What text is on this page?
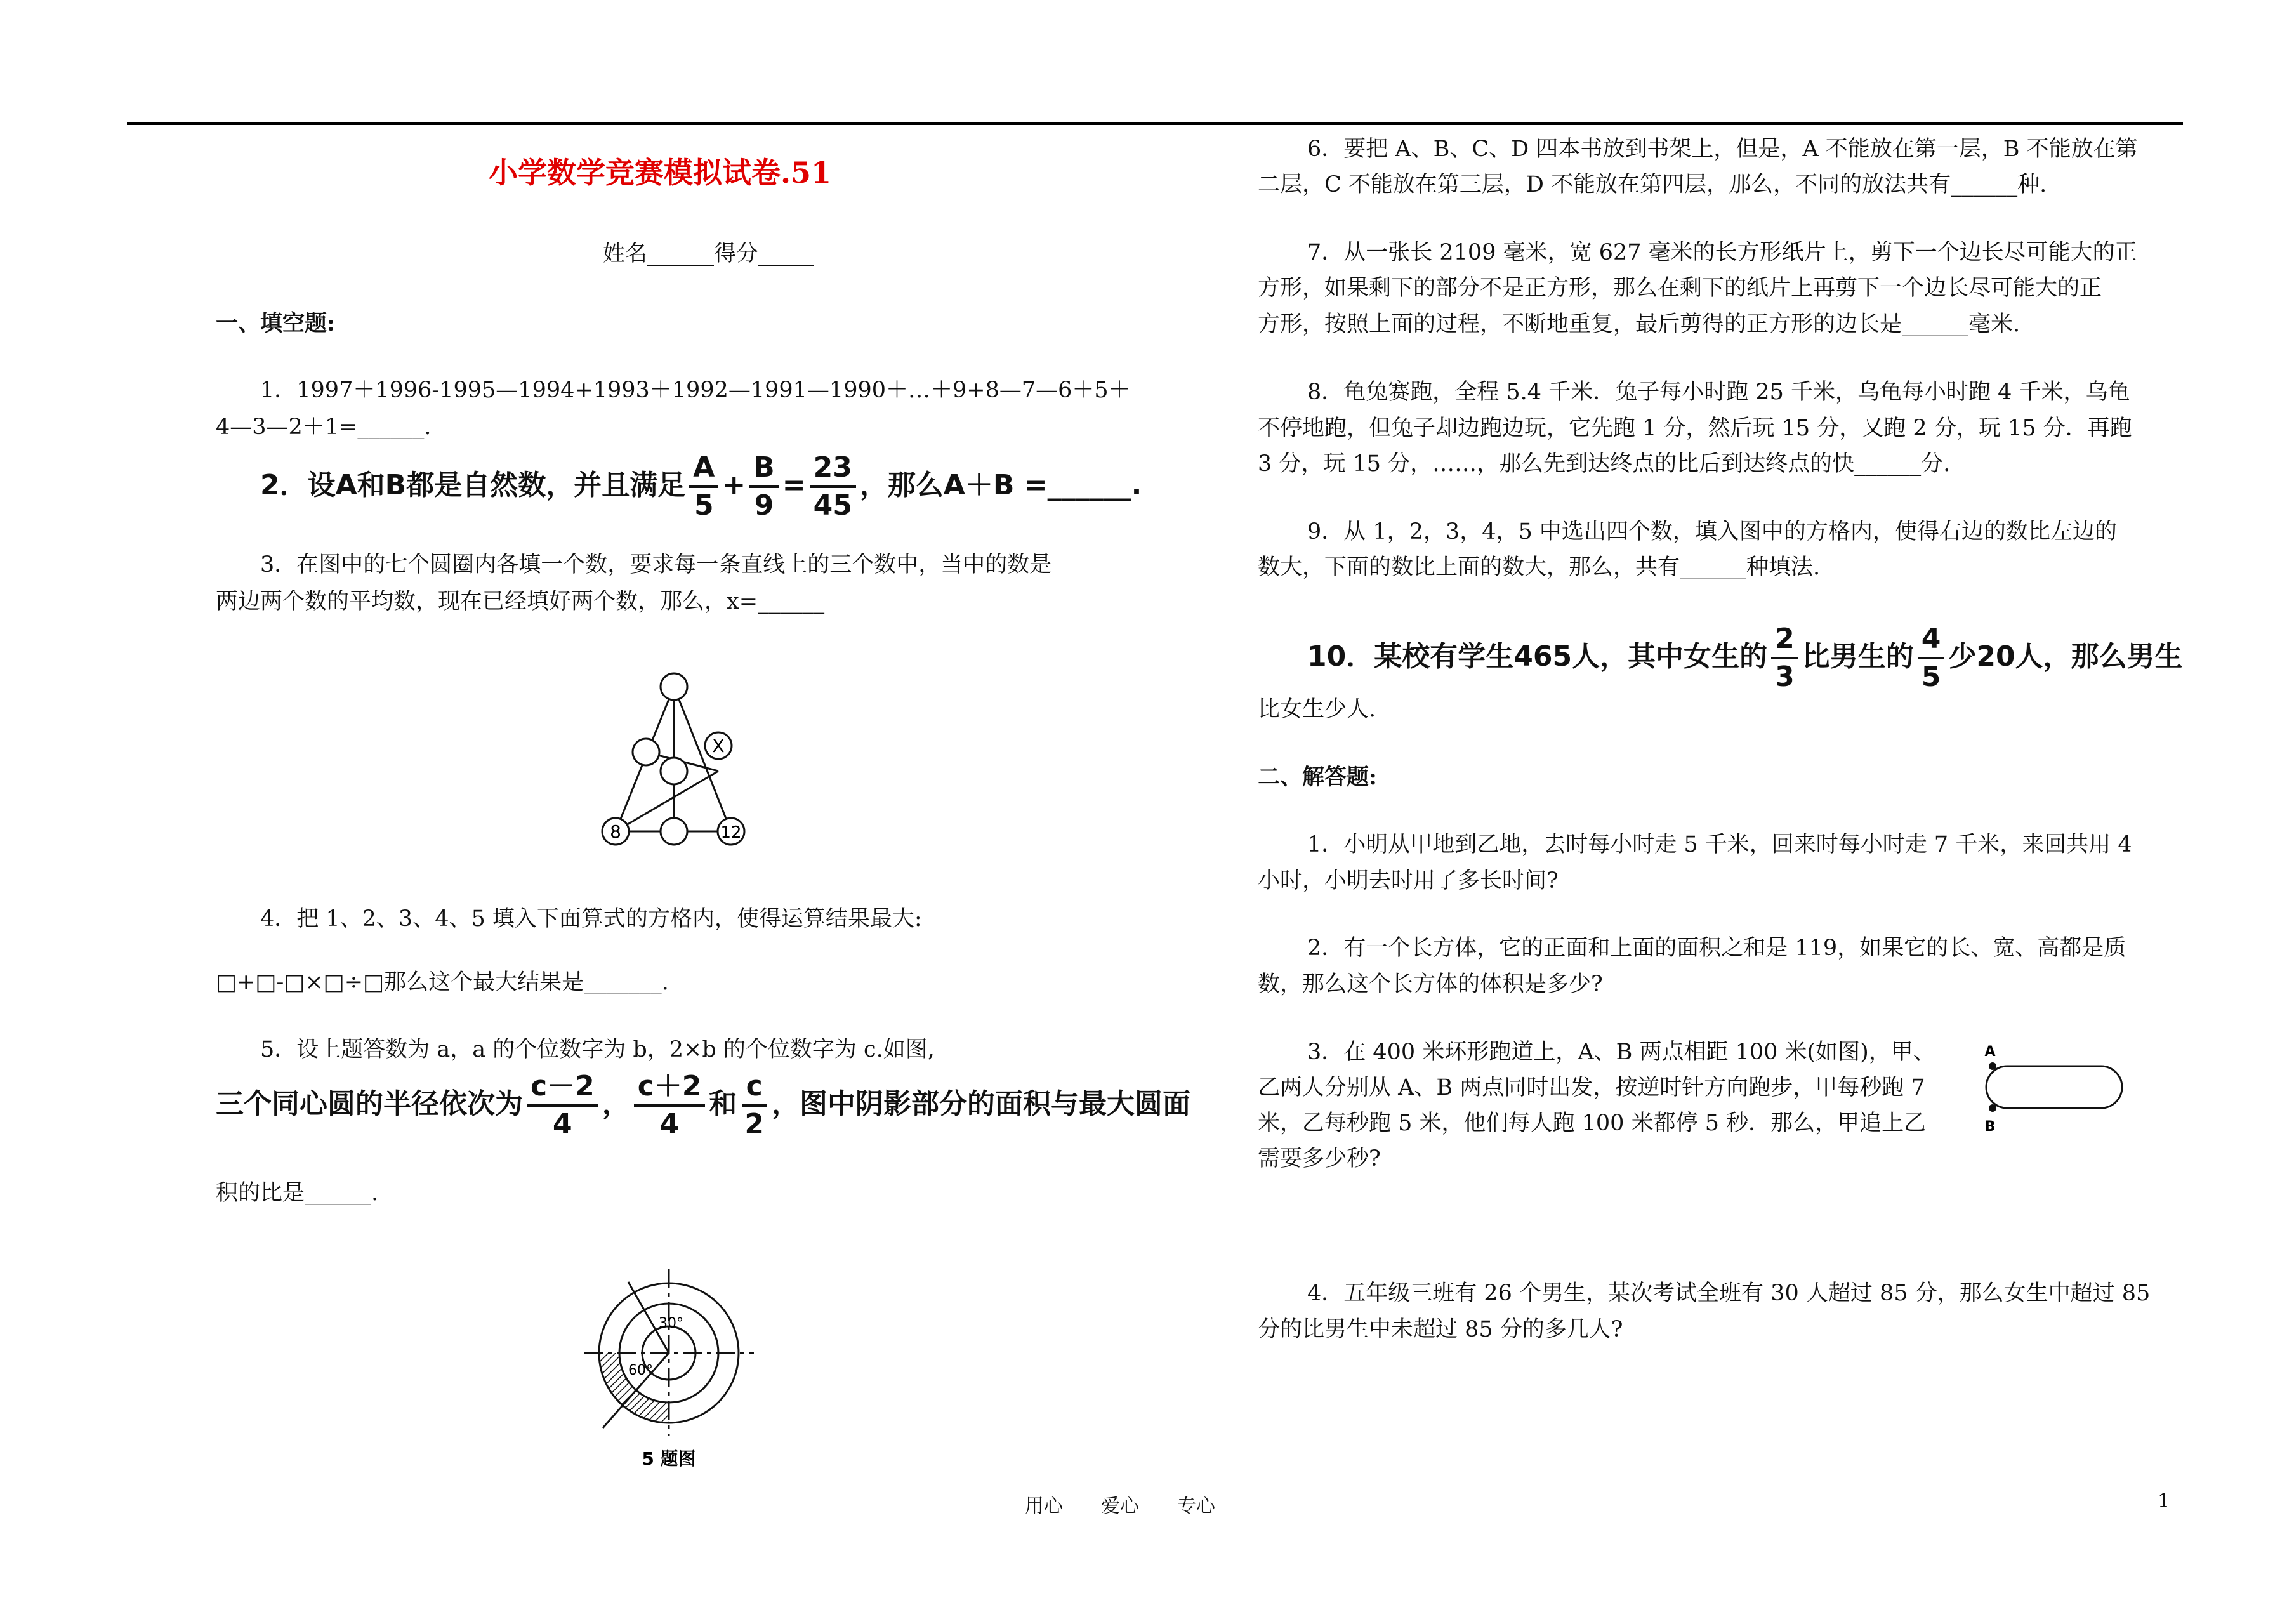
小学数学竞赛模拟试卷.51
姓名______得分_____
一、填空题:
1．1997＋1996-1995—1994+1993＋1992—1991—1990＋…＋9+8—7—6＋5＋
4—3—2＋1=______.
2．设A和B都是自然数，并且满足 $\frac{A}{5} + \frac{B}{9} = \frac{23}{45}$ ，那么A＋B =______.
3．在图中的七个圆圈内各填一个数，要求每一条直线上的三个数中，当中的数是
两边两个数的平均数，现在已经填好两个数，那么，x=______
X
8	12
4．把 1、2、3、4、5 填入下面算式的方格内，使得运算结果最大:
□+□-□×□÷□那么这个最大结果是_______.
5．设上题答数为 a，a 的个位数字为 b，2×b 的个位数字为 c.如图,
三个同心圆的半径依次为 $\frac{c-2}{4}$ ， $\frac{c+2}{4}$ 和 $\frac{c}{2}$ ，图中阴影部分的面积与最大圆面
积的比是______.
30°
60°
5 题图
6．要把 A、B、C、D 四本书放到书架上，但是，A 不能放在第一层，B 不能放在第
二层，C 不能放在第三层，D 不能放在第四层，那么，不同的放法共有______种.
7．从一张长 2109 毫米，宽 627 毫米的长方形纸片上，剪下一个边长尽可能大的正
方形，如果剩下的部分不是正方形，那么在剩下的纸片上再剪下一个边长尽可能大的正
方形，按照上面的过程，不断地重复，最后剪得的正方形的边长是______毫米.
8．龟兔赛跑，全程 5.4 千米．兔子每小时跑 25 千米，乌龟每小时跑 4 千米，乌龟
不停地跑，但兔子却边跑边玩，它先跑 1 分，然后玩 15 分，又跑 2 分，玩 15 分．再跑
3 分，玩 15 分，……，那么先到达终点的比后到达终点的快______分.
9．从 1，2，3，4，5 中选出四个数，填入图中的方格内，使得右边的数比左边的
数大，下面的数比上面的数大，那么，共有______种填法.
10．某校有学生465人，其中女生的 $\frac{2}{3}$ 比男生的 $\frac{4}{5}$ 少20人，那么男生
比女生少人.
二、解答题:
1．小明从甲地到乙地，去时每小时走 5 千米，回来时每小时走 7 千米，来回共用 4
小时，小明去时用了多长时间?
2．有一个长方体，它的正面和上面的面积之和是 119，如果它的长、宽、高都是质
数，那么这个长方体的体积是多少?
3．在 400 米环形跑道上，A、B 两点相距 100 米(如图)，甲、
乙两人分别从 A、B 两点同时出发，按逆时针方向跑步，甲每秒跑 7
米，乙每秒跑 5 米，他们每人跑 100 米都停 5 秒．那么，甲追上乙
需要多少秒?
A
B
4．五年级三班有 26 个男生，某次考试全班有 30 人超过 85 分，那么女生中超过 85
分的比男生中未超过 85 分的多几人?
用心　　爱心　　专心	1
